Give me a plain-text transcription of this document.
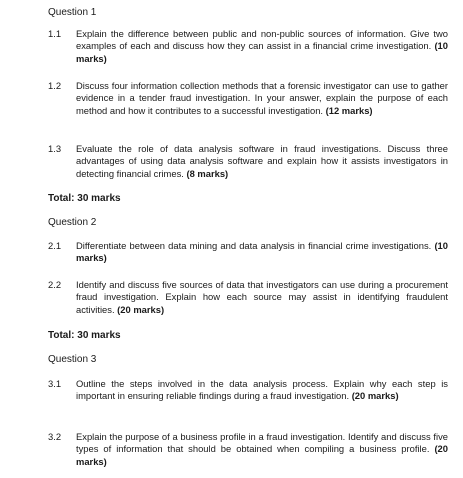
Question 1
1.1 Explain the difference between public and non-public sources of information. Give two examples of each and discuss how they can assist in a financial crime investigation. (10 marks)
1.2 Discuss four information collection methods that a forensic investigator can use to gather evidence in a tender fraud investigation. In your answer, explain the purpose of each method and how it contributes to a successful investigation. (12 marks)
1.3 Evaluate the role of data analysis software in fraud investigations. Discuss three advantages of using data analysis software and explain how it assists investigators in detecting financial crimes. (8 marks)
Total: 30 marks
Question 2
2.1 Differentiate between data mining and data analysis in financial crime investigations. (10 marks)
2.2 Identify and discuss five sources of data that investigators can use during a procurement fraud investigation. Explain how each source may assist in identifying fraudulent activities. (20 marks)
Total: 30 marks
Question 3
3.1 Outline the steps involved in the data analysis process. Explain why each step is important in ensuring reliable findings during a fraud investigation. (20 marks)
3.2 Explain the purpose of a business profile in a fraud investigation. Identify and discuss five types of information that should be obtained when compiling a business profile. (20 marks)
